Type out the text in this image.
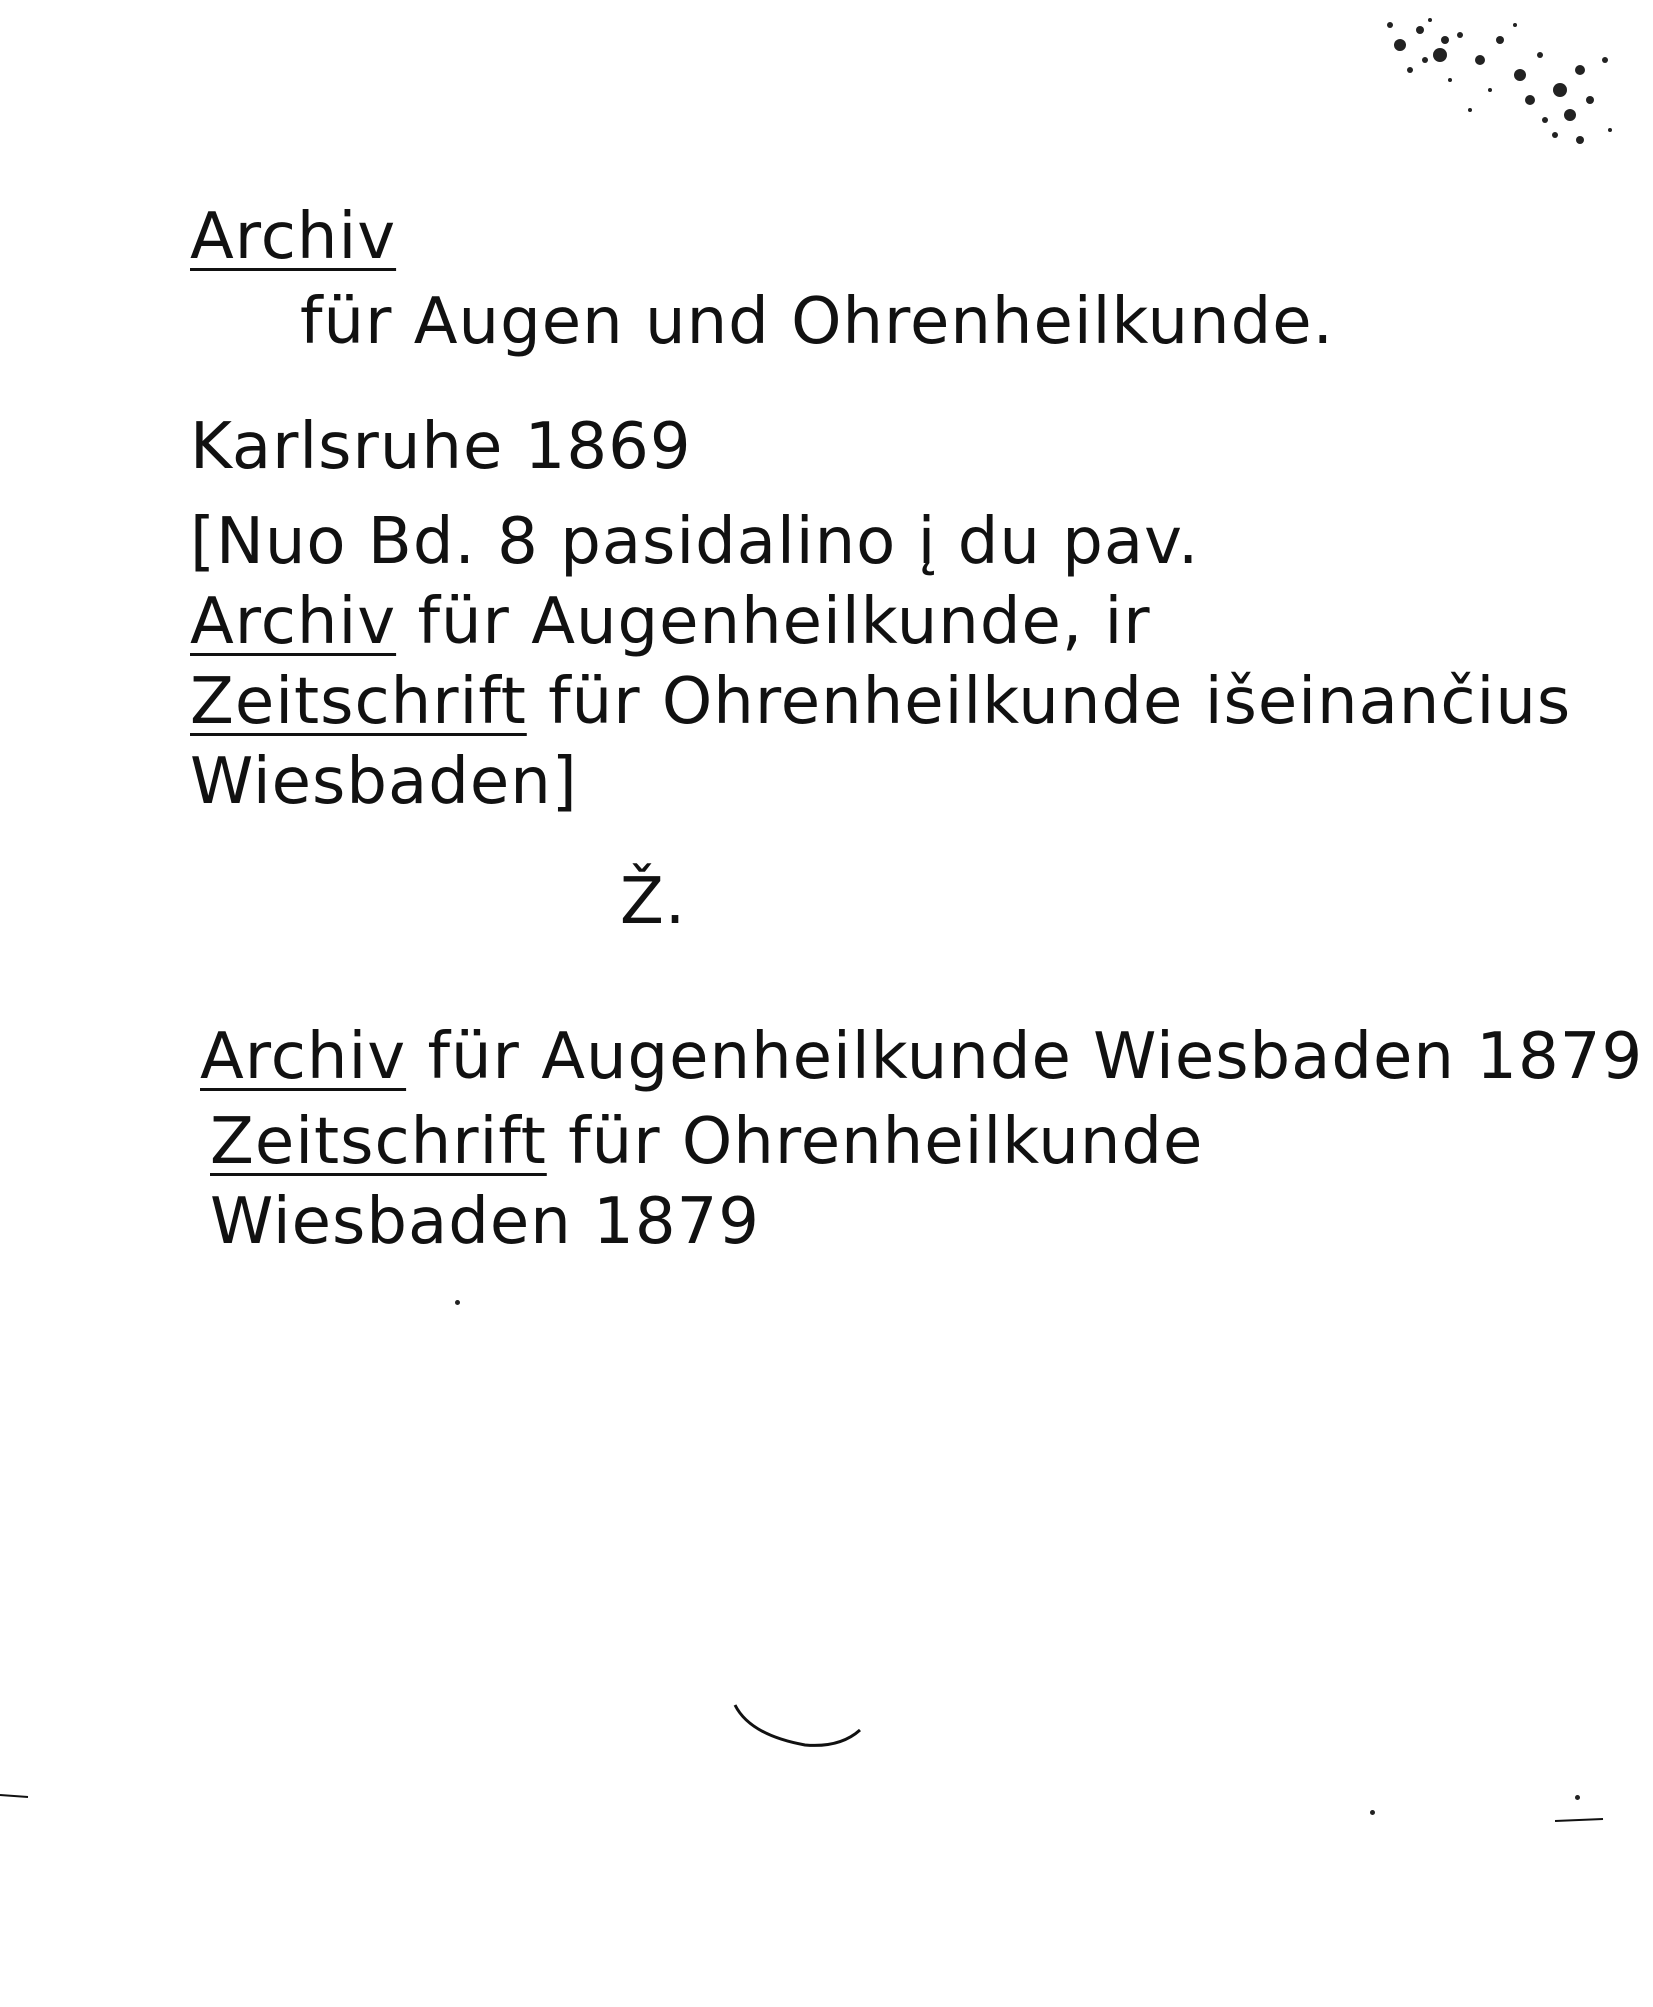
Archiv
für Augen und Ohrenheilkunde.
Karlsruhe 1869
[Nuo Bd. 8 pasidalino į du pav.
Archiv für Augenheilkunde, ir
Zeitschrift für Ohrenheilkunde išeinančius
Wiesbaden]
Ž.
Archiv für Augenheilkunde Wiesbaden 1879
Zeitschrift für Ohrenheilkunde
Wiesbaden 1879
